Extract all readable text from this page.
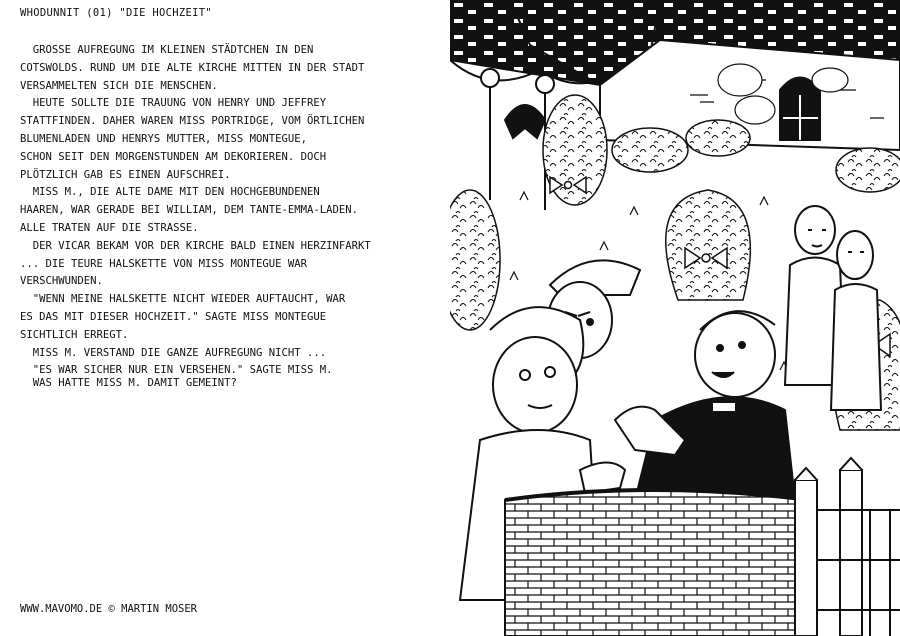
WHODUNNIT (01) "DIE HOCHZEIT"

GROSSE AUFREGUNG IM KLEINEN STÄDTCHEN IN DEN

COTSWOLDS. RUND UM DIE ALTE KIRCHE MITTEN IN DER STADT

VERSAMMELTEN SICH DIE MENSCHEN.

HEUTE SOLLTE DIE TRAUUNG VON HENRY UND JEFFREY

STATTFINDEN. DAHER WAREN MISS PORTRIDGE, VOM ÖRTLICHEN

BLUMENLADEN UND HENRYS MUTTER, MISS MONTEGUE,

SCHON SEIT DEN MORGENSTUNDEN AM DEKORIEREN. DOCH

PLÖTZLICH GAB ES EINEN AUFSCHREI.

MISS M., DIE ALTE DAME MIT DEN HOCHGEBUNDENEN

HAAREN, WAR GERADE BEI WILLIAM, DEM TANTE-EMMA-LADEN.

ALLE TRATEN AUF DIE STRASSE.

DER VICAR BEKAM VOR DER KIRCHE BALD EINEN HERZINFARKT

... DIE TEURE HALSKETTE VON MISS MONTEGUE WAR

VERSCHWUNDEN.

"WENN MEINE HALSKETTE NICHT WIEDER AUFTAUCHT, WAR

ES DAS MIT DIESER HOCHZEIT." SAGTE MISS MONTEGUE

SICHTLICH ERREGT.

MISS M. VERSTAND DIE GANZE AUFREGUNG NICHT ...

"ES WAR SICHER NUR EIN VERSEHEN." SAGTE MISS M.

WAS HATTE MISS M. DAMIT GEMEINT?
WWW.MAVOMO.DE © MARTIN MOSER
